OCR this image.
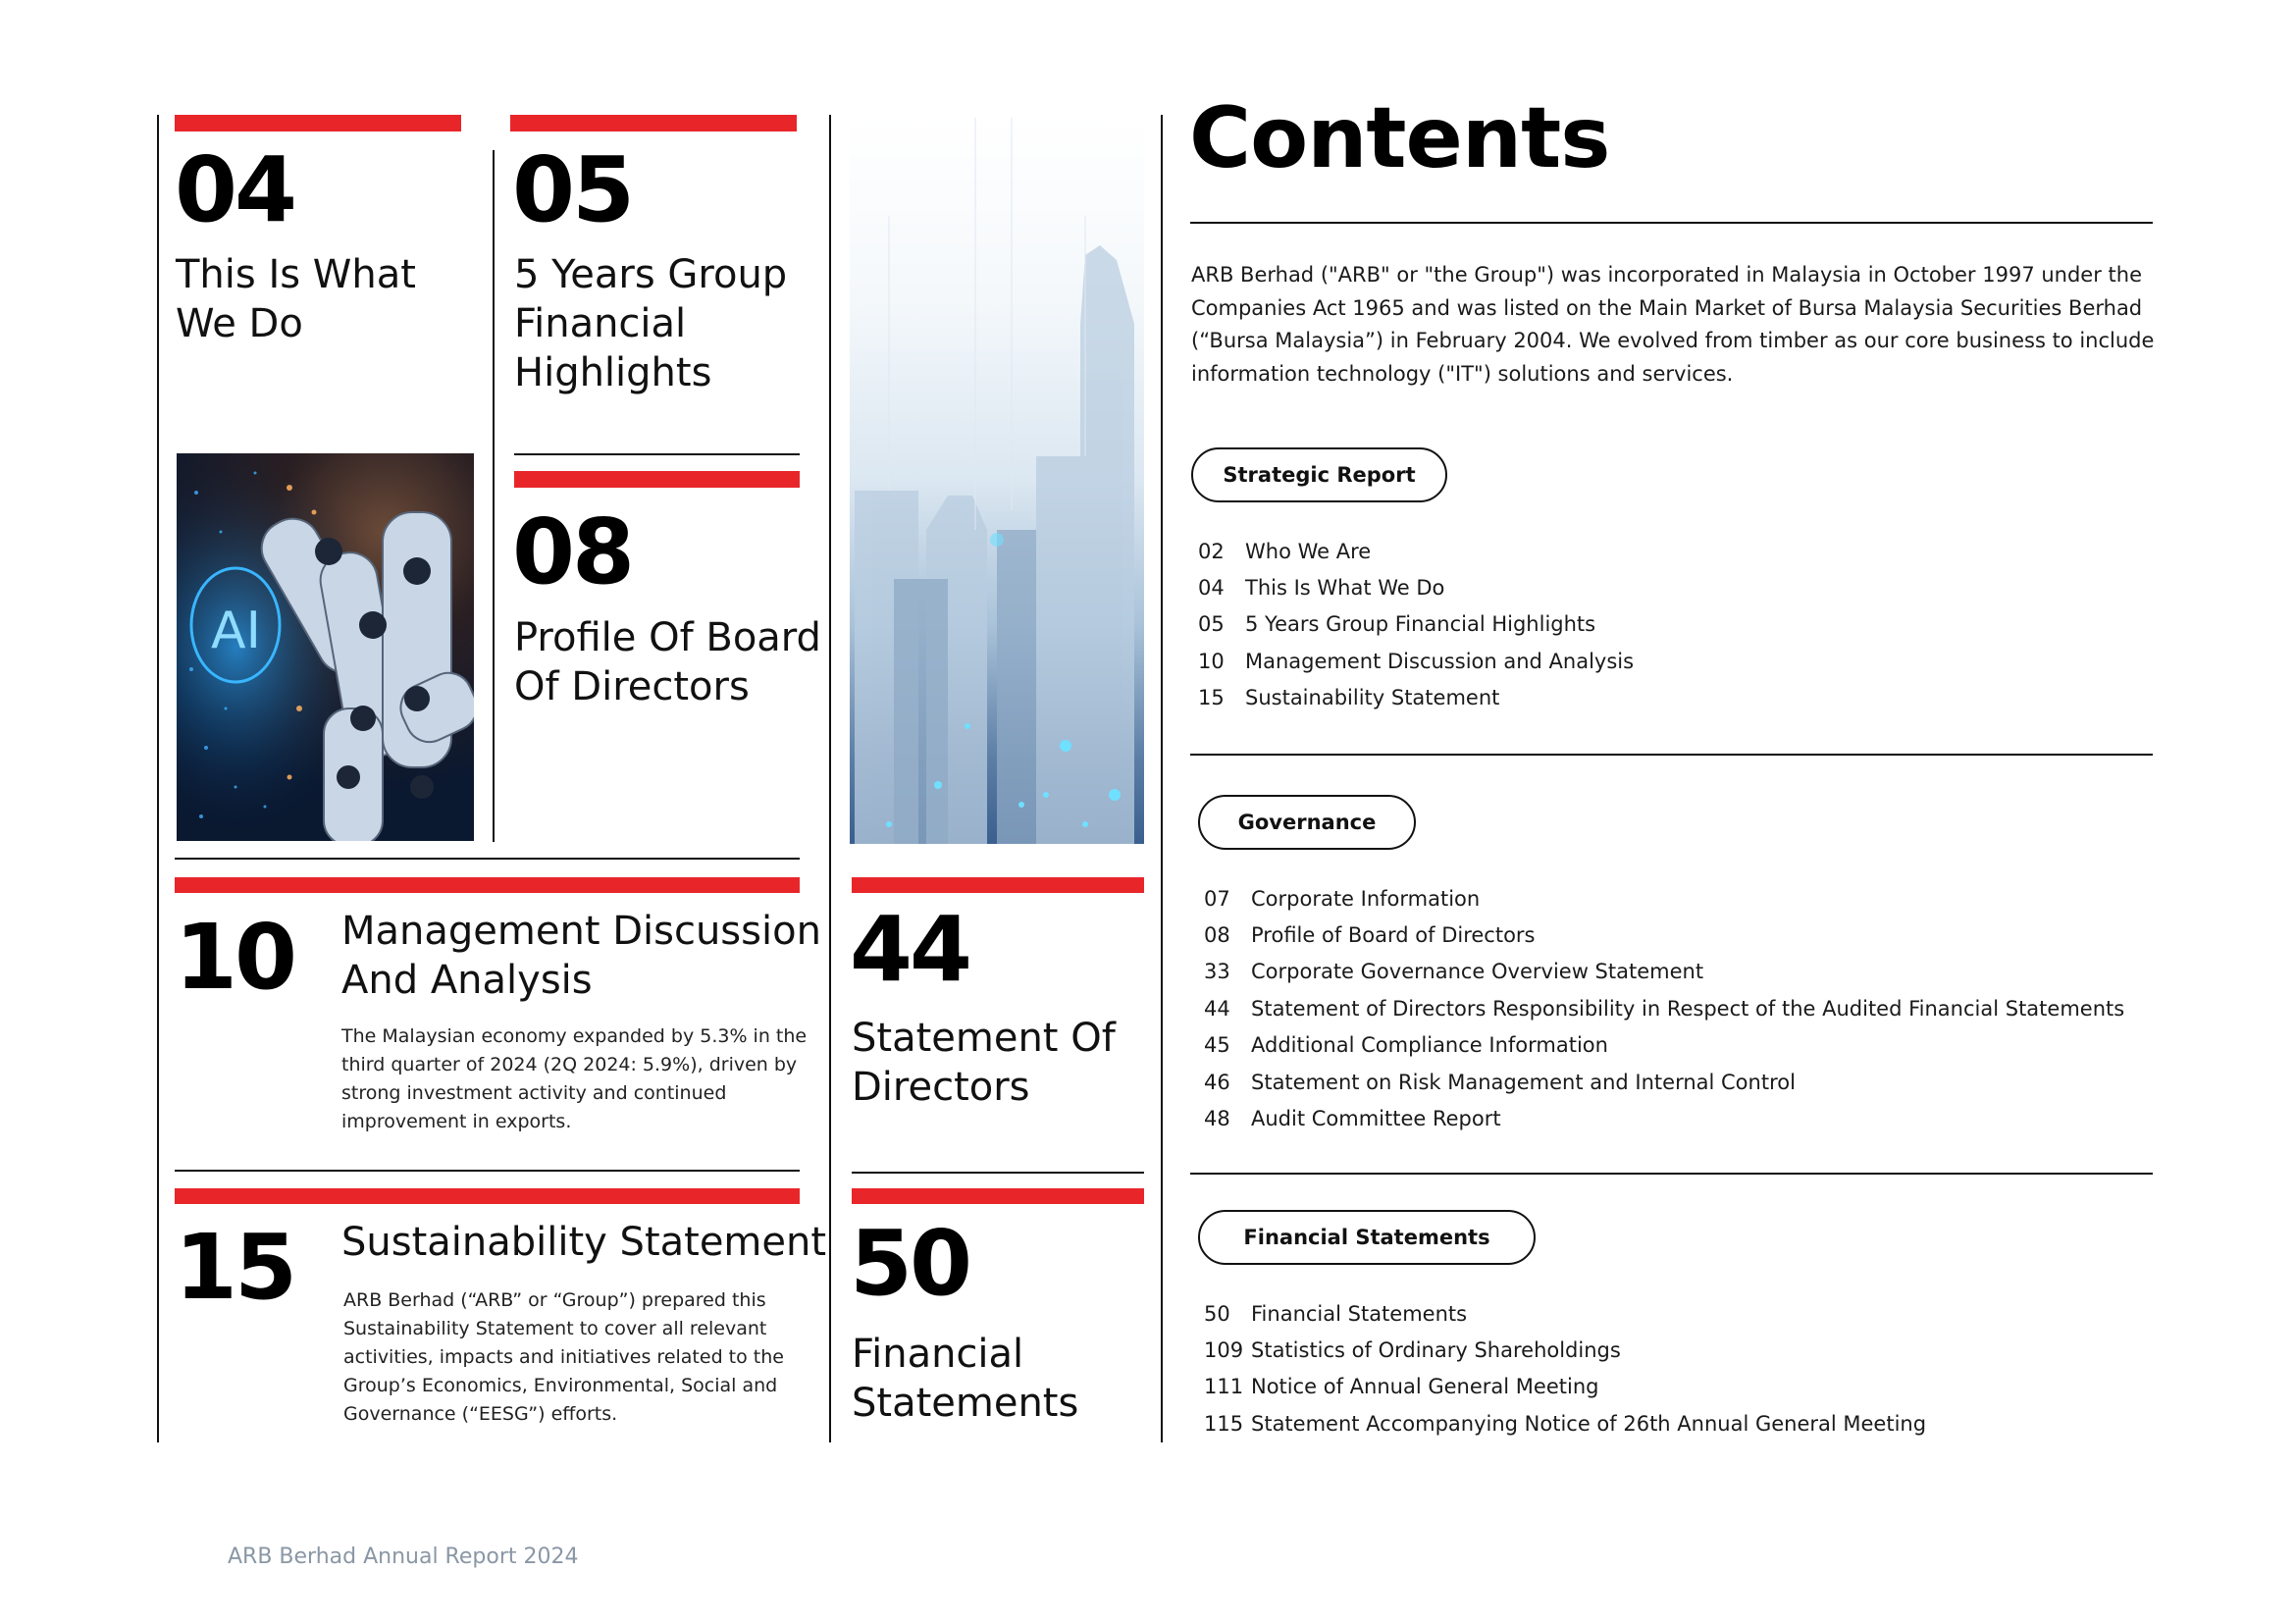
04
This Is What
We Do
AI
05
5 Years Group
Financial
Highlights
08
Profile Of Board
Of Directors
10 Management Discussion
And Analysis
The Malaysian economy expanded by 5.3% in the
third quarter of 2024 (2Q 2024: 5.9%), driven by
strong investment activity and continued
improvement in exports.
44
Statement Of
Directors
15 Sustainability Statement
ARB Berhad (“ARB” or “Group”) prepared this
Sustainability Statement to cover all relevant
activities, impacts and initiatives related to the
Group’s Economics, Environmental, Social and
Governance (“EESG”) efforts.
50
Financial
Statements
Contents
ARB Berhad ("ARB" or "the Group") was incorporated in Malaysia in October 1997 under the Companies Act 1965 and was listed on the Main Market of Bursa Malaysia Securities Berhad (“Bursa Malaysia”) in February 2004. We evolved from timber as our core business to include information technology ("IT") solutions and services.
Strategic Report
02	Who We Are
04	This Is What We Do
05	5 Years Group Financial Highlights
10	Management Discussion and Analysis
15	Sustainability Statement
Governance
07	Corporate Information
08	Profile of Board of Directors
33	Corporate Governance Overview Statement
44	Statement of Directors Responsibility in Respect of the Audited Financial Statements
45	Additional Compliance Information
46	Statement on Risk Management and Internal Control
48	Audit Committee Report
Financial Statements
50	Financial Statements
109 Statistics of Ordinary Shareholdings
111 Notice of Annual General Meeting
115 Statement Accompanying Notice of 26th Annual General Meeting
ARB Berhad Annual Report 2024
